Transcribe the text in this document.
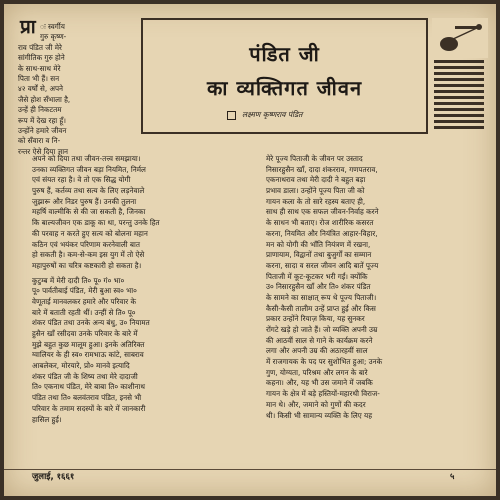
प्रा ः स्वर्गीय
गुरु कृष्ण-
राव पंडित जी मेरे
सांगीतिक गुरु होने
के साथ-साथ मेरे
पिता भी हैं। सन
४२ वर्षों से, अपने
जैसे होश सँभाला है,
उन्हें ही निकटतम
रूप में देख रहा हूँ।
उन्होंने हमारे जीवन
को सँवारा व नि-
रन्तर ऐसे दिया ज्ञान
पंडित जी
का व्यक्तिगत जीवन
लक्ष्मण कृष्णराव पंडित
अपने को दिया तथा जीवन-तत्त्व समझाया।
उनका व्यक्तिगत जीवन बड़ा नियमित, निर्मल
एवं संयत रहा है। वे तो एक सिद्ध योगी
पुरुष हैं, कर्तव्य तथा सत्य के लिए लड़नेवाले
जुझारू और निडर पुरुष हैं। उनकी तुलना
महर्षि वाल्मीकि से की जा सकती है, जिनका
कि बाल्यजीवन एक डाकू का था, परन्तु उनके हित
की परवाह न करते हुए सत्य को बोलना महान
कठिन एवं भयंकर परिणाम करनेवाली बात
हो सकती है। कम-से-कम इस युग में तो ऐसे
महापुरुषों का चरित्र कष्टकारी हो सकता है।
कुटुम्ब में मेरी दादी ति० पू० गं० भा०
पू० पार्वतीबाई पंडित, मेरी बुआ स्व० भा०
वेणूताई मानवलकर हमारे और परिवार के
बारे में बताती रहती थीं। उन्हीं से ति० पू०
शंकर पंडित तथा उनके अन्य बंधु, उ० नियामत
हुसैन खाँ रसीदवा उनके परिवार के बारे में
मुझे बहुत कुछ मालूम हुआ। इनके अतिरिक्त
ग्वालियर के ही स्व० रामभाऊ कांटे, साबराव
आबलेकर, मोरयारे, प्रो० मानवे इत्यादि
शंकर पंडित जी के शिष्य तथा मेरे दादाजी
ति० एकनाथ पंडित, मेरे बाबा ति० काशीनाथ
पंडित तथा ति० बलवंतराव पंडित, इनसे भी
परिवार के तमाम सदस्यों के बारे में जानकारी
हासिल हुई।
मेरे पूज्य पिताजी के जीवन पर उस्ताद
निसारहुसैन खाँ, दादा शंकरराव, गणपतराव,
एकनाथराव तथा मेरी दादी ने बहुत बड़ा
प्रभाव डाला। उन्होंने पूज्य पिता जी को
गायन कला के तो सारे रहस्य बताए ही,
साथ ही साथ एक सफल जीवन-निर्वाह करने
के साधन भी बताए। रोज शारीरिक कसरत
करना, नियमित और नियंत्रित आहार-विहार,
मन को योगी की भाँति नियंत्रण में रखना,
प्राणायाम, विद्वानों तथा बुजुर्गों का सम्मान
करना, सादा व सरल जीवन आदि बातें पूज्य
पिताजी में कूट-कूटकर भरी गईं। क्योंकि
उ० निसारहुसैन खाँ और ति० शंकर पंडित
के सामने का साक्षात् रूप थे पूज्य पिताजी।
कैसी-कैसी तालीम उन्हें प्राप्त हुई और किस
प्रकार उन्होंने रियाज़ किया, यह सुनकर
रोंगटे खड़े हो जाते हैं। जो व्यक्ति अपनी उम्र
की आठवीं साल से गाने के कार्यक्रम करने
लगा और अपनी उम्र की अठारहवीं साल
में राजगायक के पद पर सुशोभित हुआ; उनके
गुण, योग्यता, परिश्रम और लगन के बारे
कहना। और, यह भी उस जमाने में जबकि
गायन के क्षेत्र में बड़े हस्तियों-महारथी विराज-
मान थे। और, जमाने को गुणों की कदर
थी। किसी भी सामान्य व्यक्ति के लिए यह
जुलाई, १६६१	५
